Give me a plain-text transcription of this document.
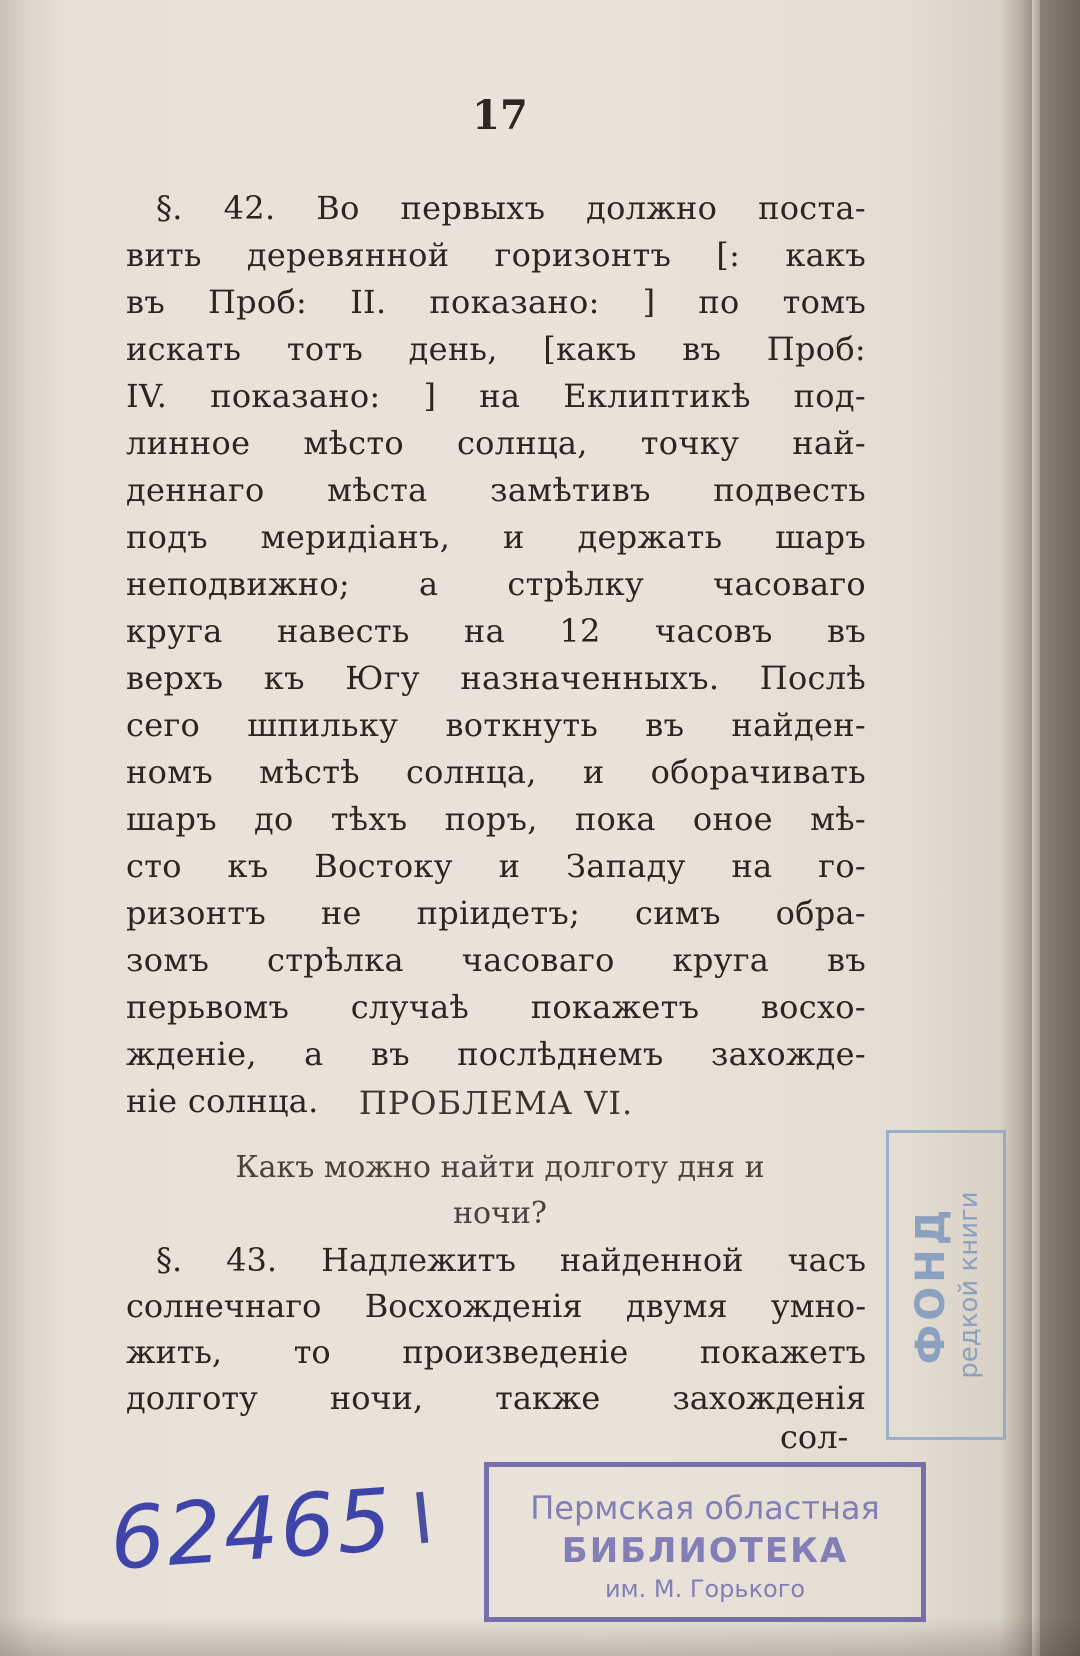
17
§. 42. Во первыхъ должно поста-
вить деревянной горизонтъ [: какъ
въ Проб: II. показано: ] по томъ
искать тотъ день, [какъ въ Проб:
IV. показано: ] на Еклиптикѣ под-
линное мѣсто солнца, точку най-
деннаго мѣста замѣтивъ подвесть
подъ меридiанъ, и держать шаръ
неподвижно; а стрѣлку часоваго
круга навесть на 12 часовъ въ
верхъ къ Югу назначенныхъ. Послѣ
сего шпильку воткнуть въ найден-
номъ мѣстѣ солнца, и оборачивать
шаръ до тѣхъ поръ, пока оное мѣ-
сто къ Востоку и Западу на го-
ризонтъ не прiидетъ; симъ обра-
зомъ стрѣлка часоваго круга въ
перьвомъ случаѣ покажетъ восхо-
жденiе, а въ послѣднемъ захожде-
нiе солнца.	ПРОБЛЕМА VI.
Какъ можно найти долготу дня и
ночи?
§. 43. Надлежитъ найденной часъ
солнечнаго Восхожденiя двумя умно-
жить, то произведенiе покажетъ
долготу ночи, также захожденiя
сол-
ФОНД редкой книги
Пермская областная
БИБЛИОТЕКА
им. М. Горького
62465 I
